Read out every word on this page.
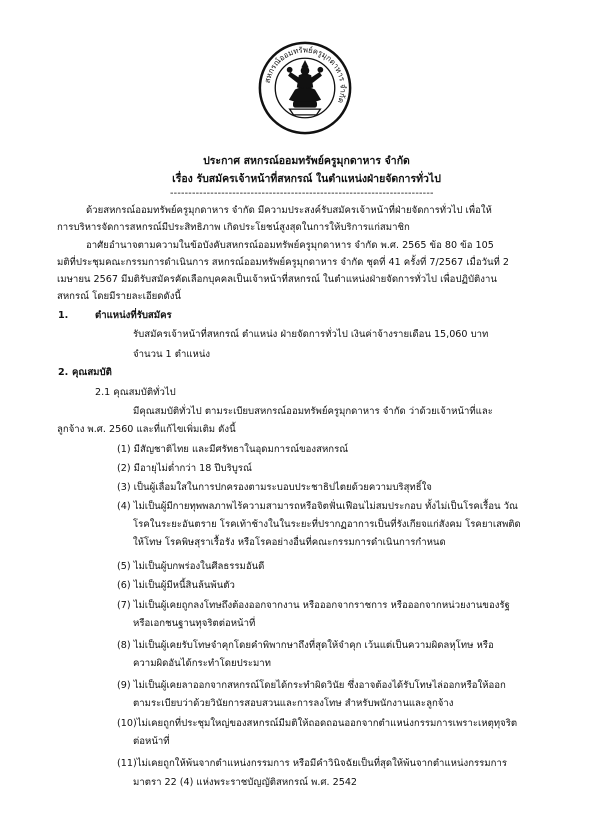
สหกรณ์ออมทรัพย์ครูมุกดาหาร จำกัด
ประกาศ สหกรณ์ออมทรัพย์ครูมุกดาหาร จำกัด
เรื่อง รับสมัครเจ้าหน้าที่สหกรณ์ ในตำแหน่งฝ่ายจัดการทั่วไป
------------------------------------------------------------------------
ด้วยสหกรณ์ออมทรัพย์ครูมุกดาหาร จำกัด มีความประสงค์รับสมัครเจ้าหน้าที่ฝ่ายจัดการทั่วไป เพื่อให้
การบริหารจัดการสหกรณ์มีประสิทธิภาพ เกิดประโยชน์สูงสุดในการให้บริการแก่สมาชิก
อาศัยอำนาจตามความในข้อบังคับสหกรณ์ออมทรัพย์ครูมุกดาหาร จำกัด พ.ศ. 2565 ข้อ 80 ข้อ 105
มติที่ประชุมคณะกรรมการดำเนินการ สหกรณ์ออมทรัพย์ครูมุกดาหาร จำกัด ชุดที่ 41 ครั้งที่ 7/2567 เมื่อวันที่ 2
เมษายน 2567 มีมติรับสมัครคัดเลือกบุคคลเป็นเจ้าหน้าที่สหกรณ์ ในตำแหน่งฝ่ายจัดการทั่วไป เพื่อปฏิบัติงาน
สหกรณ์ โดยมีรายละเอียดดังนี้
1.	ตำแหน่งที่รับสมัคร
รับสมัครเจ้าหน้าที่สหกรณ์ ตำแหน่ง ฝ่ายจัดการทั่วไป เงินค่าจ้างรายเดือน 15,060 บาท
จำนวน 1 ตำแหน่ง
2. คุณสมบัติ
2.1 คุณสมบัติทั่วไป
มีคุณสมบัติทั่วไป ตามระเบียบสหกรณ์ออมทรัพย์ครูมุกดาหาร จำกัด ว่าด้วยเจ้าหน้าที่และ
ลูกจ้าง พ.ศ. 2560 และที่แก้ไขเพิ่มเติม ดังนี้
(1) มีสัญชาติไทย และมีศรัทธาในอุดมการณ์ของสหกรณ์
(2) มีอายุไม่ต่ำกว่า 18 ปีบริบูรณ์
(3) เป็นผู้เลื่อมใสในการปกครองตามระบอบประชาธิปไตยด้วยความบริสุทธิ์ใจ
(4) ไม่เป็นผู้มีกายทุพพลภาพไร้ความสามารถหรือจิตฟั่นเฟือนไม่สมประกอบ ทั้งไม่เป็นโรคเรื้อน วัณ
โรคในระยะอันตราย โรคเท้าช้างในในระยะที่ปรากฏอาการเป็นที่รังเกียจแก่สังคม โรคยาเสพติด
ให้โทษ โรคพิษสุราเรื้อรัง หรือโรคอย่างอื่นที่คณะกรรมการดำเนินการกำหนด
(5) ไม่เป็นผู้บกพร่องในศีลธรรมอันดี
(6) ไม่เป็นผู้มีหนี้สินล้นพ้นตัว
(7) ไม่เป็นผู้เคยถูกลงโทษถึงต้องออกจากงาน หรือออกจากราชการ หรือออกจากหน่วยงานของรัฐ
หรือเอกชนฐานทุจริตต่อหน้าที่
(8) ไม่เป็นผู้เคยรับโทษจำคุกโดยคำพิพากษาถึงที่สุดให้จำคุก เว้นแต่เป็นความผิดลหุโทษ หรือ
ความผิดอันได้กระทำโดยประมาท
(9) ไม่เป็นผู้เคยลาออกจากสหกรณ์โดยได้กระทำผิดวินัย ซึ่งอาจต้องได้รับโทษไล่ออกหรือให้ออก
ตามระเบียบว่าด้วยวินัยการสอบสวนและการลงโทษ สำหรับพนักงานและลูกจ้าง
(10)ไม่เคยถูกที่ประชุมใหญ่ของสหกรณ์มีมติให้ถอดถอนออกจากตำแหน่งกรรมการเพราะเหตุทุจริต
ต่อหน้าที่
(11)ไม่เคยถูกให้พ้นจากตำแหน่งกรรมการ หรือมีคำวินิจฉัยเป็นที่สุดให้พ้นจากตำแหน่งกรรมการ
มาตรา 22 (4) แห่งพระราชบัญญัติสหกรณ์ พ.ศ. 2542
